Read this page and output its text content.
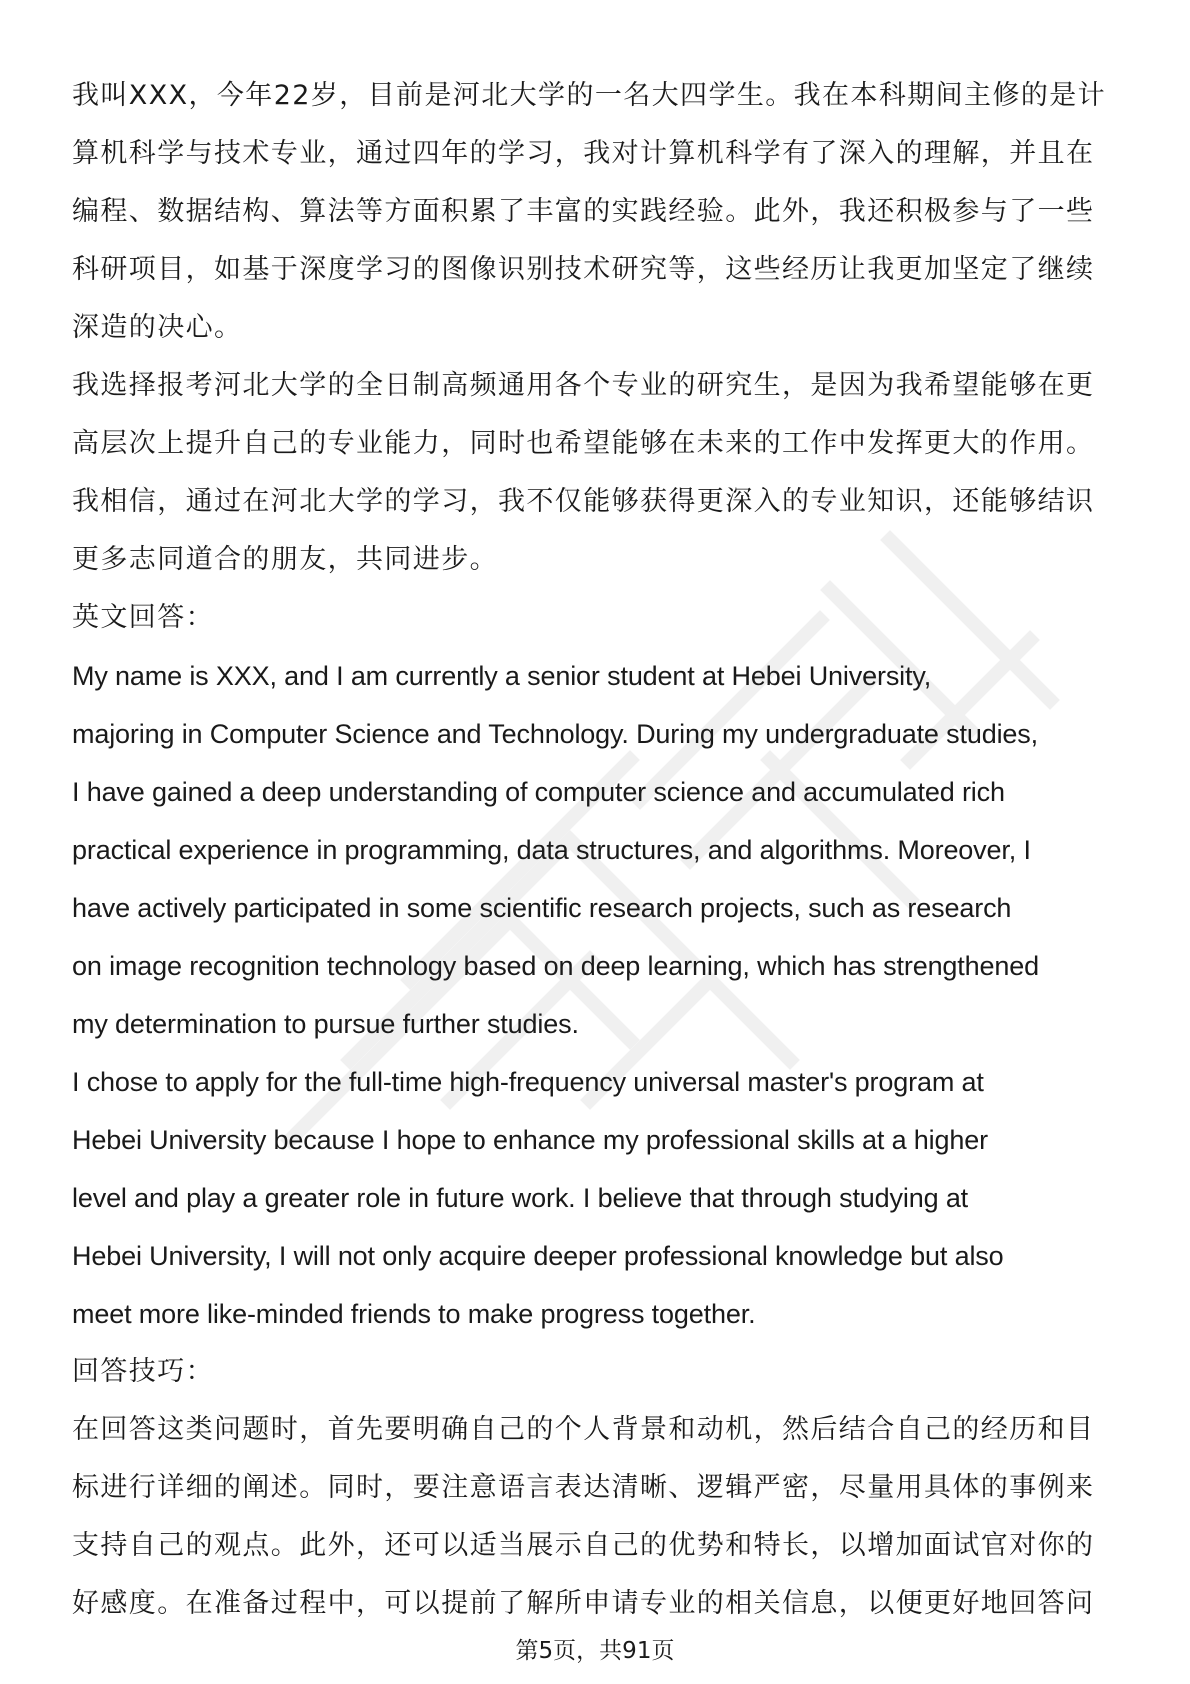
我叫XXX，今年22岁，目前是河北大学的一名大四学生。我在本科期间主修的是计

算机科学与技术专业，通过四年的学习，我对计算机科学有了深入的理解，并且在

编程、数据结构、算法等方面积累了丰富的实践经验。此外，我还积极参与了一些

科研项目，如基于深度学习的图像识别技术研究等，这些经历让我更加坚定了继续

深造的决心。

我选择报考河北大学的全日制高频通用各个专业的研究生，是因为我希望能够在更

高层次上提升自己的专业能力，同时也希望能够在未来的工作中发挥更大的作用。

我相信，通过在河北大学的学习，我不仅能够获得更深入的专业知识，还能够结识

更多志同道合的朋友，共同进步。

英文回答：

My name is XXX, and I am currently a senior student at Hebei University,

majoring in Computer Science and Technology. During my undergraduate studies,

I have gained a deep understanding of computer science and accumulated rich

practical experience in programming, data structures, and algorithms. Moreover, I

have actively participated in some scientific research projects, such as research

on image recognition technology based on deep learning, which has strengthened

my determination to pursue further studies.

I chose to apply for the full-time high-frequency universal master's program at

Hebei University because I hope to enhance my professional skills at a higher

level and play a greater role in future work. I believe that through studying at

Hebei University, I will not only acquire deeper professional knowledge but also

meet more like-minded friends to make progress together.

回答技巧：

在回答这类问题时，首先要明确自己的个人背景和动机，然后结合自己的经历和目

标进行详细的阐述。同时，要注意语言表达清晰、逻辑严密，尽量用具体的事例来

支持自己的观点。此外，还可以适当展示自己的优势和特长，以增加面试官对你的

好感度。在准备过程中，可以提前了解所申请专业的相关信息，以便更好地回答问

第5页，共91页
